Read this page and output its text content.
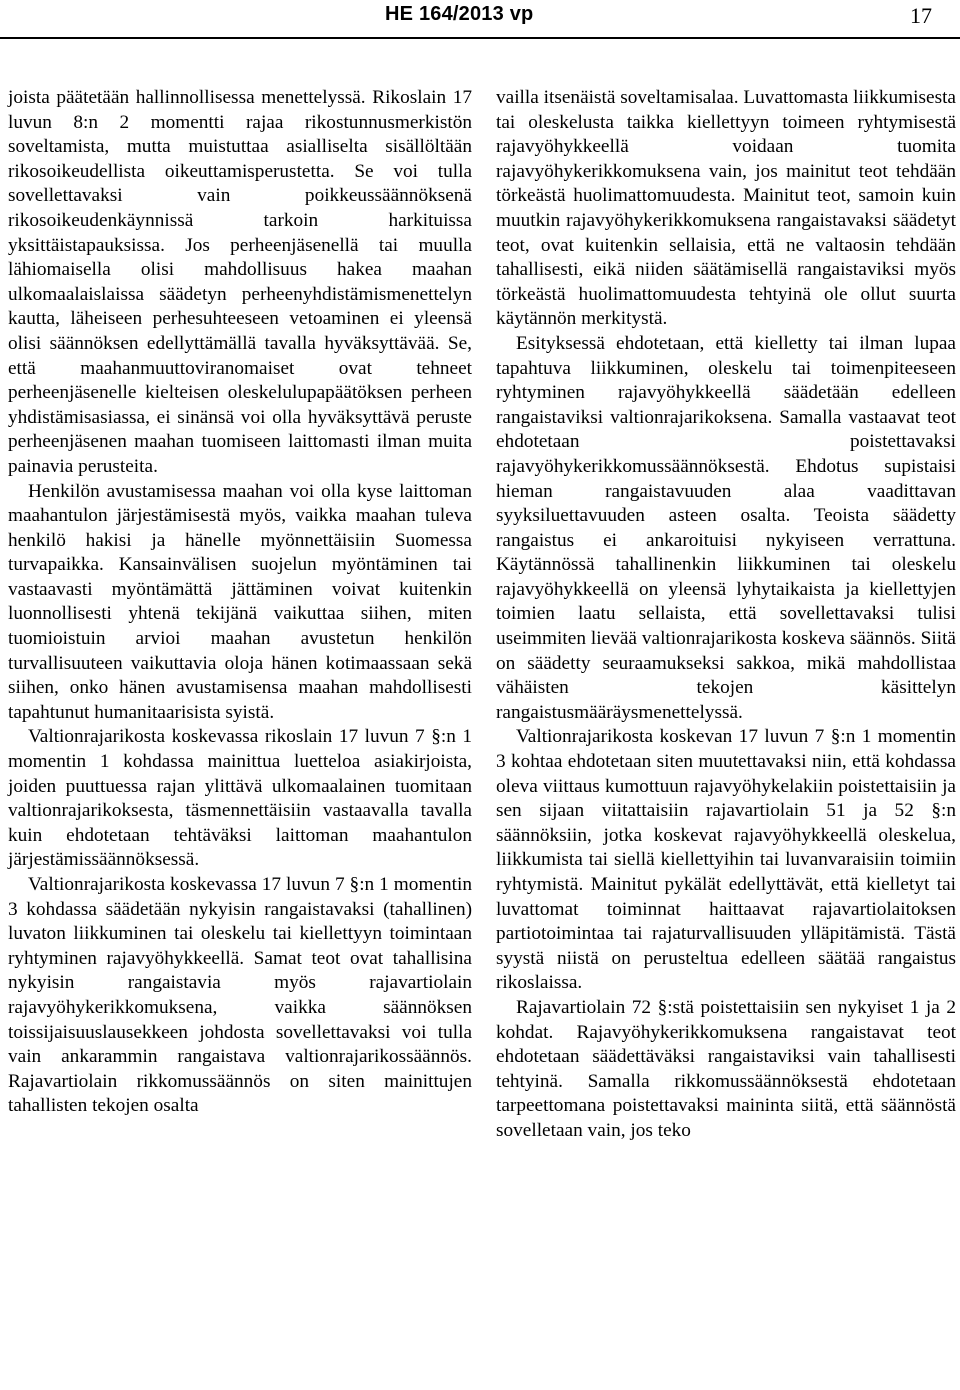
HE 164/2013 vp	17

joista päätetään hallinnollisessa menettelyssä. Rikoslain 17 luvun 8:n 2 momentti rajaa rikostunnusmerkistön soveltamista, mutta muistuttaa asialliselta sisällöltään rikosoikeudellista oikeuttamisperustetta. Se voi tulla sovellettavaksi vain poikkeussäännöksenä rikosoikeudenkäynnissä tarkoin harkituissa yksittäistapauksissa. Jos perheenjäsenellä tai muulla lähiomaisella olisi mahdollisuus hakea maahan ulkomaalaislaissa säädetyn perheenyhdistämismenettelyn kautta, läheiseen perhesuhteeseen vetoaminen ei yleensä olisi säännöksen edellyttämällä tavalla hyväksyttävää. Se, että maahanmuuttoviranomaiset ovat tehneet perheenjäsenelle kielteisen oleskelulupapäätöksen perheen yhdistämisasiassa, ei sinänsä voi olla hyväksyttävä peruste perheenjäsenen maahan tuomiseen laittomasti ilman muita painavia perusteita.

Henkilön avustamisessa maahan voi olla kyse laittoman maahantulon järjestämisestä myös, vaikka maahan tuleva henkilö hakisi ja hänelle myönnettäisiin Suomessa turvapaikka. Kansainvälisen suojelun myöntäminen tai vastaavasti myöntämättä jättäminen voivat kuitenkin luonnollisesti yhtenä tekijänä vaikuttaa siihen, miten tuomioistuin arvioi maahan avustetun henkilön turvallisuuteen vaikuttavia oloja hänen kotimaassaan sekä siihen, onko hänen avustamisensa maahan mahdollisesti tapahtunut humanitaarisista syistä.

Valtionrajarikosta koskevassa rikoslain 17 luvun 7 §:n 1 momentin 1 kohdassa mainittua luetteloa asiakirjoista, joiden puuttuessa rajan ylittävä ulkomaalainen tuomitaan valtionrajarikoksesta, täsmennettäisiin vastaavalla tavalla kuin ehdotetaan tehtäväksi laittoman maahantulon järjestämissäännöksessä.

Valtionrajarikosta koskevassa 17 luvun 7 §:n 1 momentin 3 kohdassa säädetään nykyisin rangaistavaksi (tahallinen) luvaton liikkuminen tai oleskelu tai kiellettyyn toimintaan ryhtyminen rajavyöhykkeellä. Samat teot ovat tahallisina nykyisin rangaistavia myös rajavartiolain rajavyöhykerikkomuksena, vaikka säännöksen toissijaisuuslausekkeen johdosta sovellettavaksi voi tulla vain ankarammin rangaistava valtionrajarikossäännös. Rajavartiolain rikkomussäännös on siten mainittujen tahallisten tekojen osalta

vailla itsenäistä soveltamisalaa. Luvattomasta liikkumisesta tai oleskelusta taikka kiellettyyn toimeen ryhtymisestä rajavyöhykkeellä voidaan tuomita rajavyöhykerikkomuksena vain, jos mainitut teot tehdään törkeästä huolimattomuudesta. Mainitut teot, samoin kuin muutkin rajavyöhykerikkomuksena rangaistavaksi säädetyt teot, ovat kuitenkin sellaisia, että ne valtaosin tehdään tahallisesti, eikä niiden säätämisellä rangaistaviksi myös törkeästä huolimattomuudesta tehtyinä ole ollut suurta käytännön merkitystä.

Esityksessä ehdotetaan, että kielletty tai ilman lupaa tapahtuva liikkuminen, oleskelu tai toimenpiteeseen ryhtyminen rajavyöhykkeellä säädetään edelleen rangaistaviksi valtionrajarikoksena. Samalla vastaavat teot ehdotetaan poistettavaksi rajavyöhykerikkomussäännöksestä. Ehdotus supistaisi hieman rangaistavuuden alaa vaadittavan syyksiluettavuuden asteen osalta. Teoista säädetty rangaistus ei ankaroituisi nykyiseen verrattuna. Käytännössä tahallinenkin liikkuminen tai oleskelu rajavyöhykkeellä on yleensä lyhytaikaista ja kiellettyjen toimien laatu sellaista, että sovellettavaksi tulisi useimmiten lievää valtionrajarikosta koskeva säännös. Siitä on säädetty seuraamukseksi sakkoa, mikä mahdollistaa vähäisten tekojen käsittelyn rangaistusmääräysmenettelyssä.

Valtionrajarikosta koskevan 17 luvun 7 §:n 1 momentin 3 kohtaa ehdotetaan siten muutettavaksi niin, että kohdassa oleva viittaus kumottuun rajavyöhykelakiin poistettaisiin ja sen sijaan viitattaisiin rajavartiolain 51 ja 52 §:n säännöksiin, jotka koskevat rajavyöhykkeellä oleskelua, liikkumista tai siellä kiellettyihin tai luvanvaraisiin toimiin ryhtymistä. Mainitut pykälät edellyttävät, että kielletyt tai luvattomat toiminnat haittaavat rajavartiolaitoksen partiotoimintaa tai rajaturvallisuuden ylläpitämistä. Tästä syystä niistä on perusteltua edelleen säätää rangaistus rikoslaissa.

Rajavartiolain 72 §:stä poistettaisiin sen nykyiset 1 ja 2 kohdat. Rajavyöhykerikkomuksena rangaistavat teot ehdotetaan säädettäväksi rangaistaviksi vain tahallisesti tehtyinä. Samalla rikkomussäännöksestä ehdotetaan tarpeettomana poistettavaksi maininta siitä, että säännöstä sovelletaan vain, jos teko
